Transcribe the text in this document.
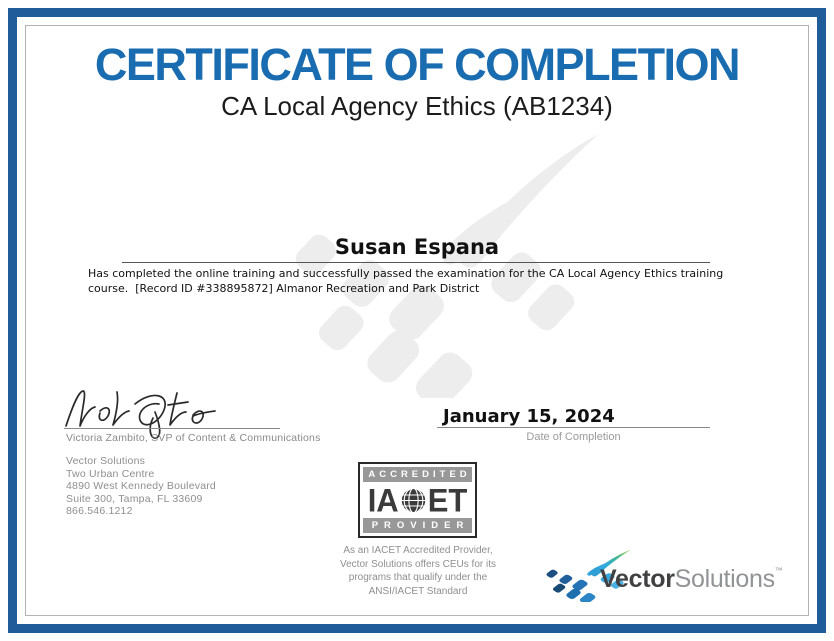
CERTIFICATE OF COMPLETION
CA Local Agency Ethics (AB1234)
Susan Espana
Has completed the online training and successfully passed the examination for the CA Local Agency Ethics training course.  [Record ID #338895872] Almanor Recreation and Park District
Victoria Zambito, SVP of Content & Communications
January 15, 2024
Date of Completion
Vector Solutions
Two Urban Centre
4890 West Kennedy Boulevard
Suite 300, Tampa, FL 33609
866.546.1212
ACCREDITED
IA ET
PROVIDER
As an IACET Accredited Provider,
Vector Solutions offers CEUs for its
programs that qualify under the
ANSI/IACET Standard	VectorSolutions™
